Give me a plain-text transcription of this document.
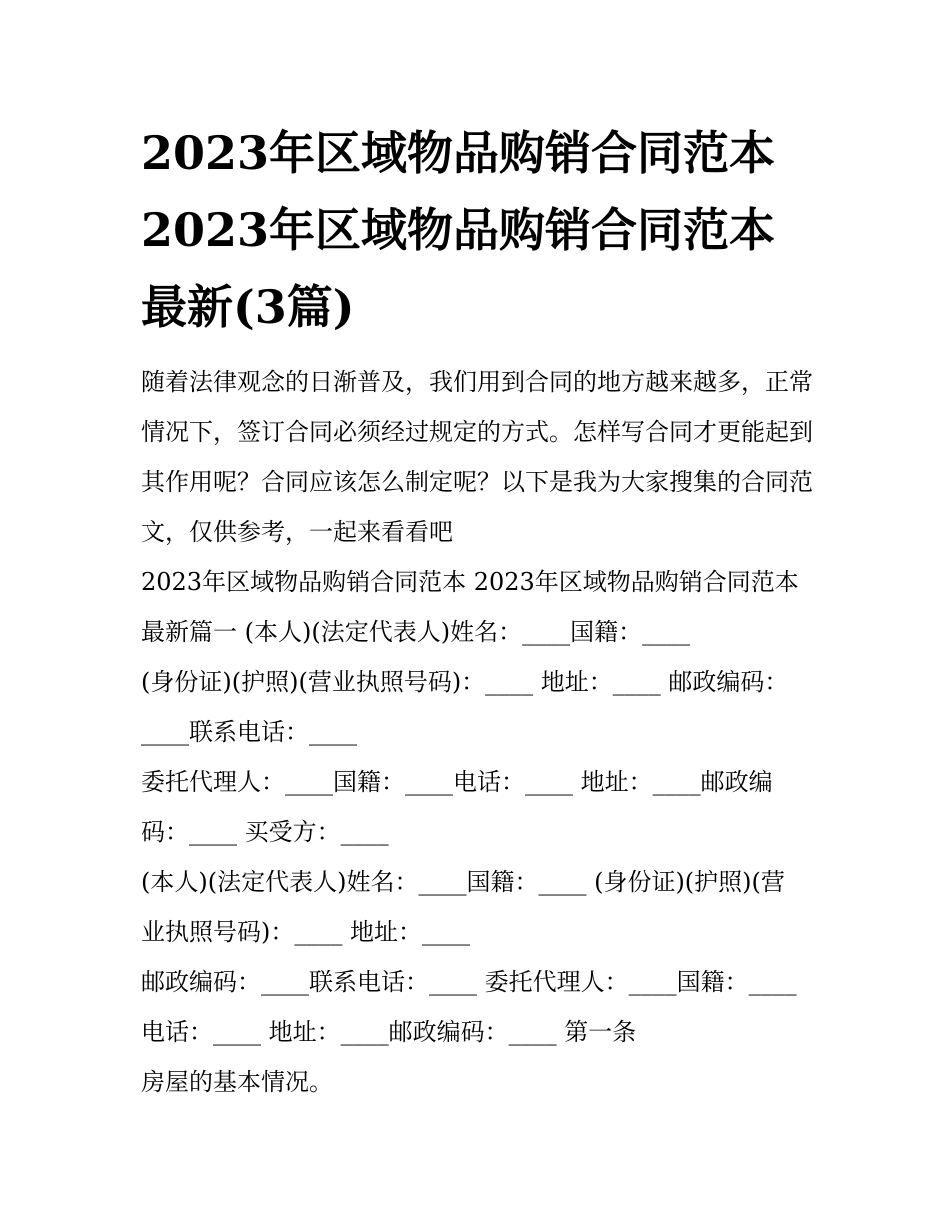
2023年区域物品购销合同范本
2023年区域物品购销合同范本
最新(3篇)

随着法律观念的日渐普及，我们用到合同的地方越来越多，正常情况下，签订合同必须经过规定的方式。怎样写合同才更能起到其作用呢？合同应该怎么制定呢？以下是我为大家搜集的合同范文，仅供参考，一起来看看吧

2023年区域物品购销合同范本 2023年区域物品购销合同范本
最新篇一 (本人)(法定代表人)姓名：____国籍：____
(身份证)(护照)(营业执照号码)：____ 地址：____ 邮政编码：
____联系电话：____
委托代理人：____国籍：____电话：____ 地址：____邮政编
码：____ 买受方：____
(本人)(法定代表人)姓名：____国籍：____ (身份证)(护照)(营
业执照号码)：____ 地址：____
邮政编码：____联系电话：____ 委托代理人：____国籍：____
电话：____ 地址：____邮政编码：____ 第一条
房屋的基本情况。
